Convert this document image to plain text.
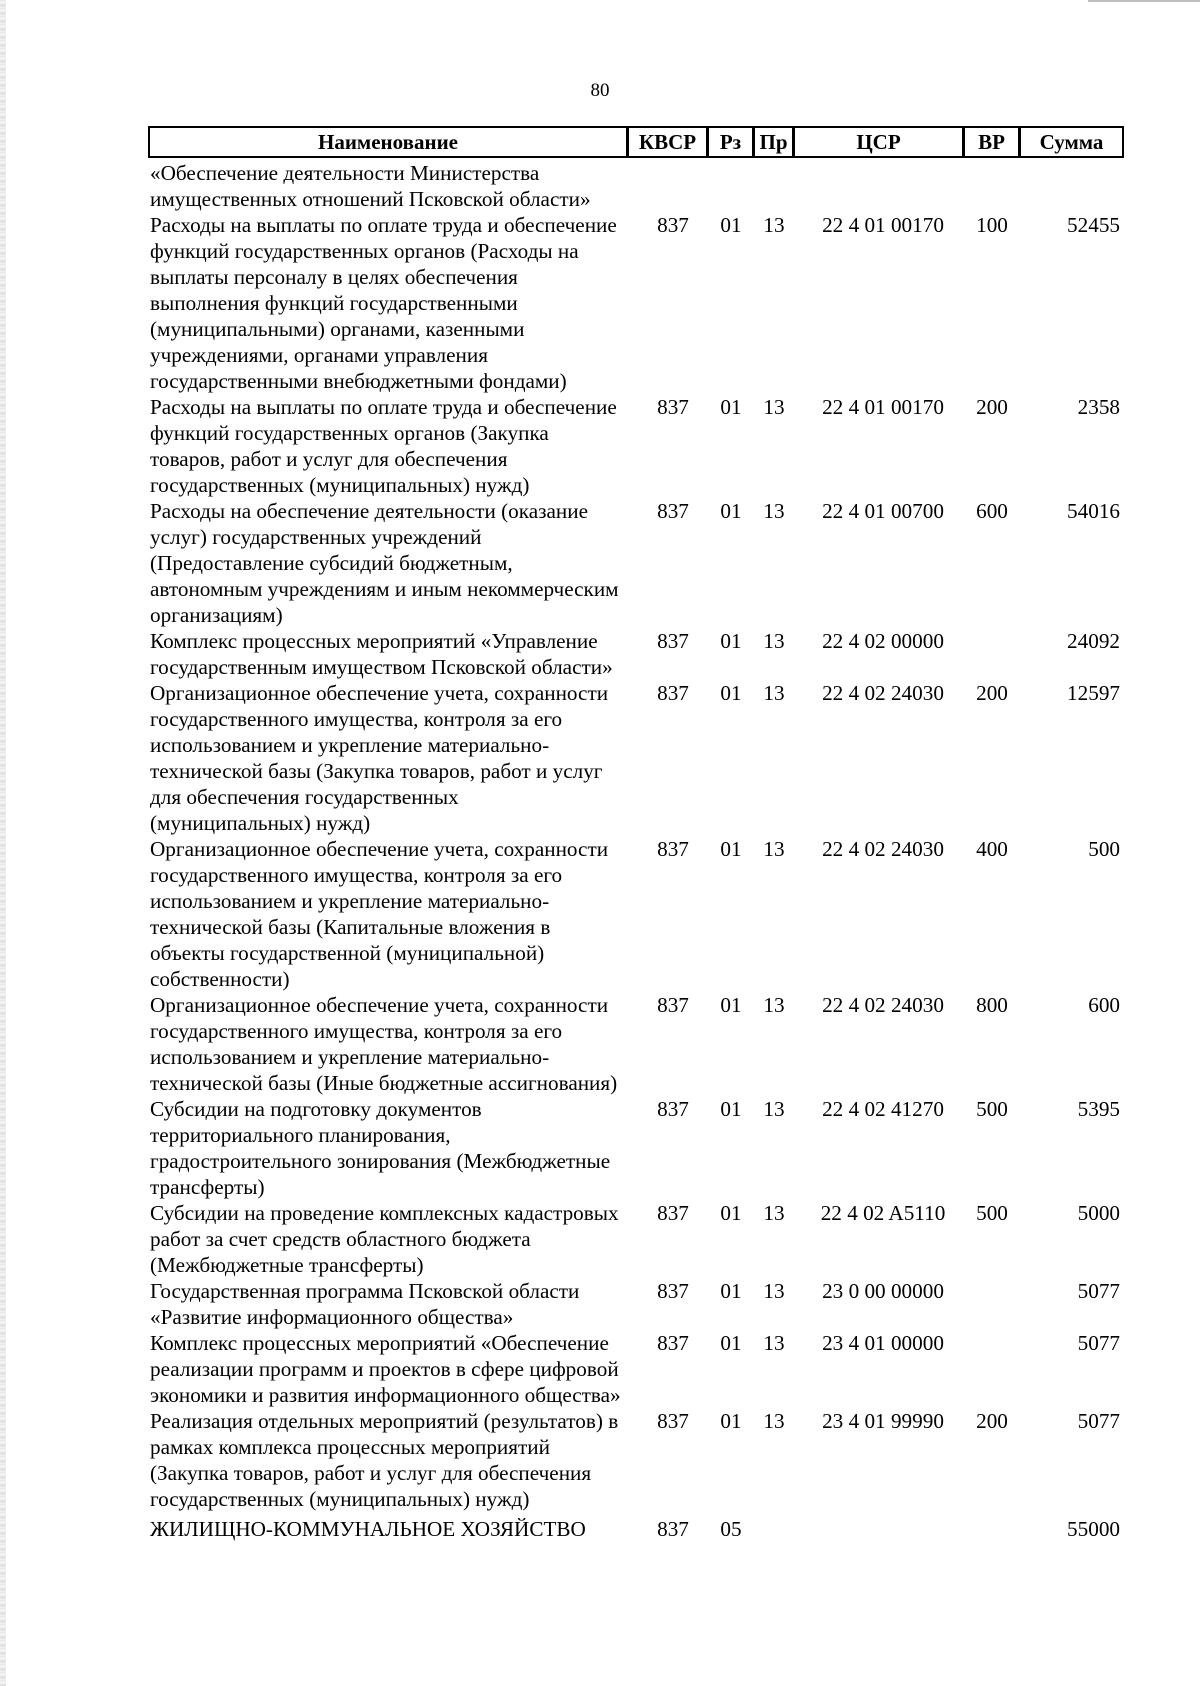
80
Наименование	КВСР	Рз	Пр	ЦСР	ВР	Сумма
«Обеспечение деятельности Министерства имущественных отношений Псковской области»						
Расходы на выплаты по оплате труда и обеспечение функций государственных органов (Расходы на выплаты персоналу в целях обеспечения выполнения функций государственными (муниципальными) органами, казенными учреждениями, органами управления государственными внебюджетными фондами)	837	01	13	22 4 01 00170	100	52455
Расходы на выплаты по оплате труда и обеспечение функций государственных органов (Закупка товаров, работ и услуг для обеспечения государственных (муниципальных) нужд)	837	01	13	22 4 01 00170	200	2358
Расходы на обеспечение деятельности (оказание услуг) государственных учреждений (Предоставление субсидий бюджетным, автономным учреждениям и иным некоммерческим организациям)	837	01	13	22 4 01 00700	600	54016
Комплекс процессных мероприятий «Управление государственным имуществом Псковской области»	837	01	13	22 4 02 00000		24092
Организационное обеспечение учета, сохранности государственного имущества, контроля за его использованием и укрепление материально-технической базы (Закупка товаров, работ и услуг для обеспечения государственных (муниципальных) нужд)	837	01	13	22 4 02 24030	200	12597
Организационное обеспечение учета, сохранности государственного имущества, контроля за его использованием и укрепление материально-технической базы (Капитальные вложения в объекты государственной (муниципальной) собственности)	837	01	13	22 4 02 24030	400	500
Организационное обеспечение учета, сохранности государственного имущества, контроля за его использованием и укрепление материально-технической базы (Иные бюджетные ассигнования)	837	01	13	22 4 02 24030	800	600
Субсидии на подготовку документов территориального планирования, градостроительного зонирования (Межбюджетные трансферты)	837	01	13	22 4 02 41270	500	5395
Субсидии на проведение комплексных кадастровых работ за счет средств областного бюджета (Межбюджетные трансферты)	837	01	13	22 4 02 A5110	500	5000
Государственная программа Псковской области «Развитие информационного общества»	837	01	13	23 0 00 00000		5077
Комплекс процессных мероприятий «Обеспечение реализации программ и проектов в сфере цифровой экономики и развития информационного общества»	837	01	13	23 4 01 00000		5077
Реализация отдельных мероприятий (результатов) в рамках комплекса процессных мероприятий (Закупка товаров, работ и услуг для обеспечения государственных (муниципальных) нужд)	837	01	13	23 4 01 99990	200	5077
ЖИЛИЩНО-КОММУНАЛЬНОЕ ХОЗЯЙСТВО	837	05				55000
